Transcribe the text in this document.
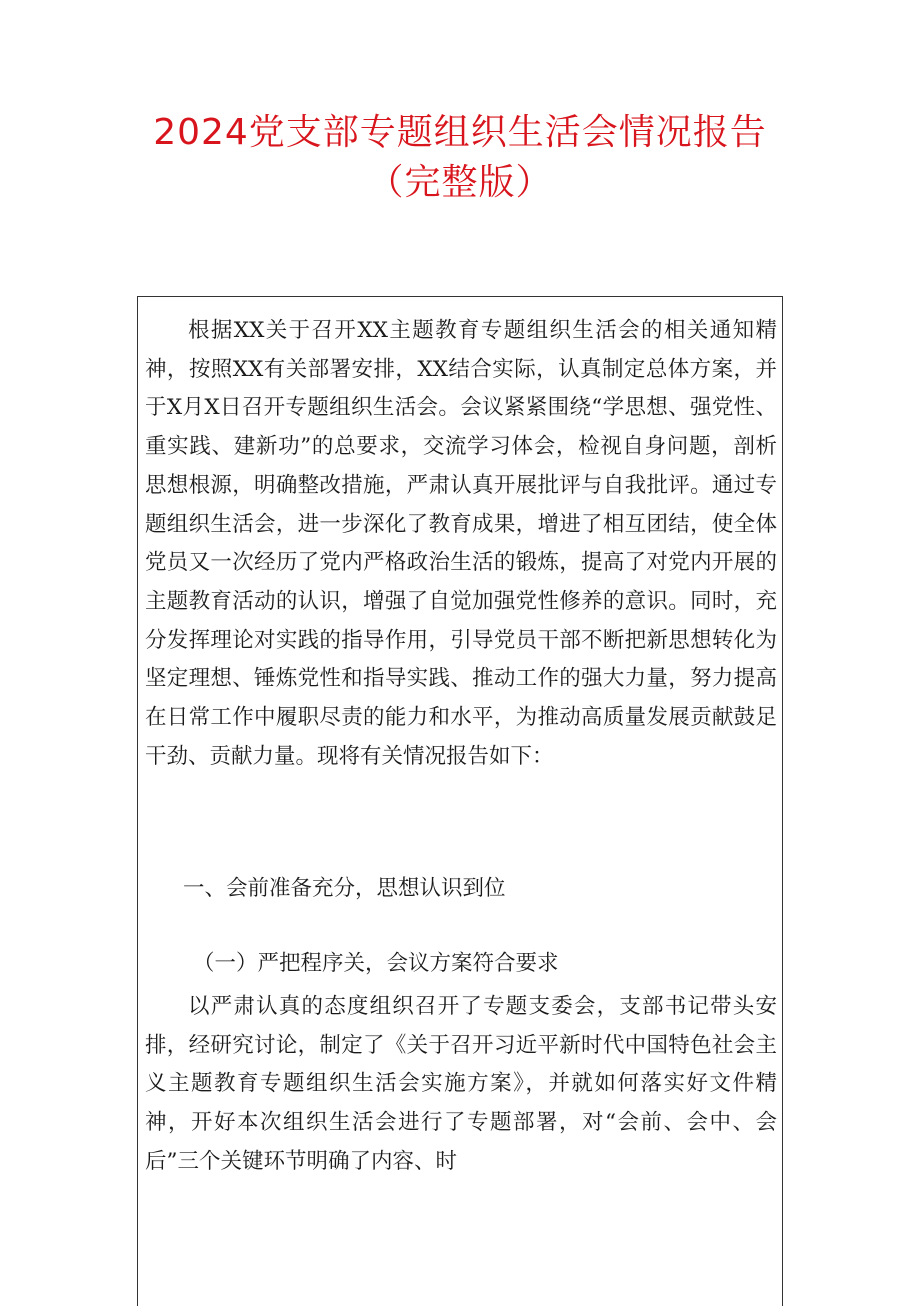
2024党支部专题组织生活会情况报告
（完整版）

根据XX关于召开XX主题教育专题组织生活会的相关通知精神，按照XX有关部署安排，XX结合实际，认真制定总体方案，并于X月X日召开专题组织生活会。会议紧紧围绕“学思想、强党性、重实践、建新功”的总要求，交流学习体会，检视自身问题，剖析思想根源，明确整改措施，严肃认真开展批评与自我批评。通过专题组织生活会，进一步深化了教育成果，增进了相互团结，使全体党员又一次经历了党内严格政治生活的锻炼，提高了对党内开展的主题教育活动的认识，增强了自觉加强党性修养的意识。同时，充分发挥理论对实践的指导作用，引导党员干部不断把新思想转化为坚定理想、锤炼党性和指导实践、推动工作的强大力量，努力提高在日常工作中履职尽责的能力和水平，为推动高质量发展贡献鼓足干劲、贡献力量。现将有关情况报告如下：

一、会前准备充分，思想认识到位

（一）严把程序关，会议方案符合要求

以严肃认真的态度组织召开了专题支委会，支部书记带头安排，经研究讨论，制定了《关于召开习近平新时代中国特色社会主义主题教育专题组织生活会实施方案》，并就如何落实好文件精神，开好本次组织生活会进行了专题部署，对“会前、会中、会后”三个关键环节明确了内容、时
